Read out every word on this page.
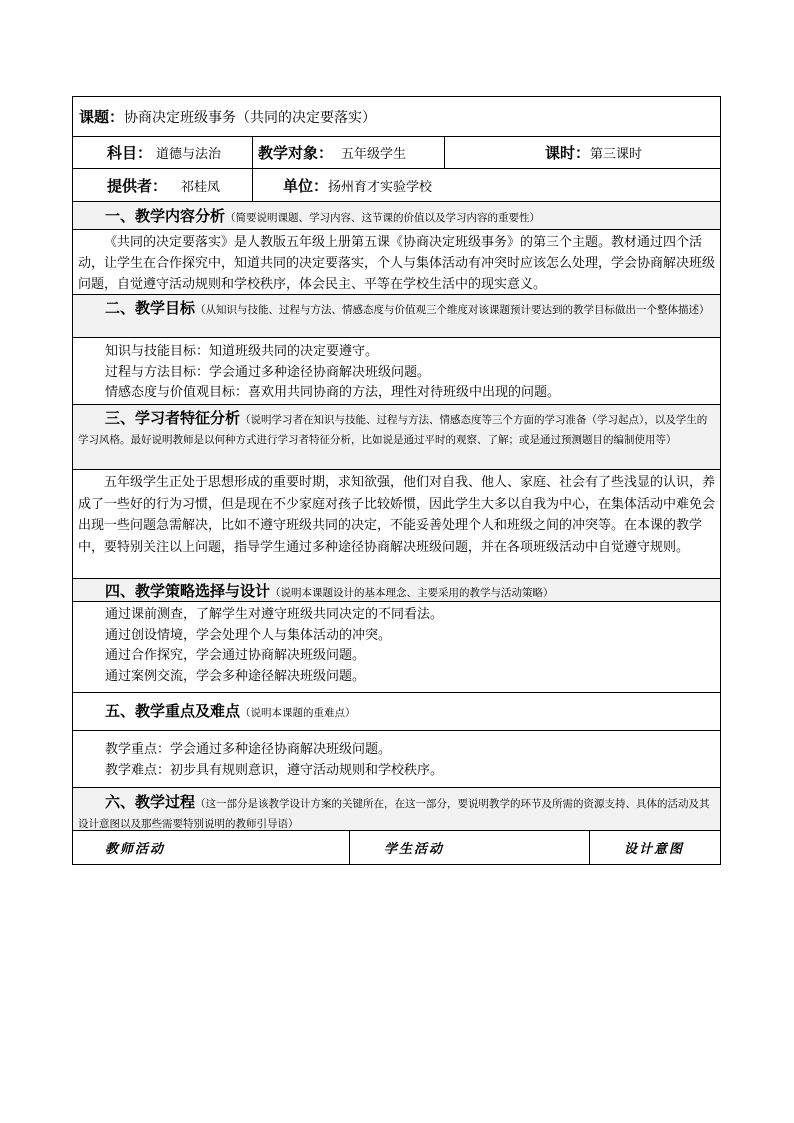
课题： 协商决定班级事务（共同的决定要落实）
科目： 道德与法治 教学对象： 五年级学生	课时： 第三课时
提供者： 祁桂凤	单位： 扬州育才实验学校
一、教学内容分析（简要说明课题、学习内容、这节课的价值以及学习内容的重要性）
《共同的决定要落实》是人教版五年级上册第五课《协商决定班级事务》的第三个主题。教材通过四个活动，让学生在合作探究中，知道共同的决定要落实，个人与集体活动有冲突时应该怎么处理，学会协商解决班级问题，自觉遵守活动规则和学校秩序，体会民主、平等在学校生活中的现实意义。
二、教学目标（从知识与技能、过程与方法、情感态度与价值观三个维度对该课题预计要达到的教学目标做出一个整体描述）
知识与技能目标：知道班级共同的决定要遵守。
过程与方法目标：学会通过多种途径协商解决班级问题。
情感态度与价值观目标：喜欢用共同协商的方法，理性对待班级中出现的问题。
三、学习者特征分析（说明学习者在知识与技能、过程与方法、情感态度等三个方面的学习准备（学习起点），以及学生的学习风格。最好说明教师是以何种方式进行学习者特征分析，比如说是通过平时的观察、了解；或是通过预测题目的编制使用等）
五年级学生正处于思想形成的重要时期，求知欲强，他们对自我、他人、家庭、社会有了些浅显的认识，养成了一些好的行为习惯，但是现在不少家庭对孩子比较娇惯，因此学生大多以自我为中心，在集体活动中难免会出现一些问题急需解决，比如不遵守班级共同的决定，不能妥善处理个人和班级之间的冲突等。在本课的教学中，要特别关注以上问题，指导学生通过多种途径协商解决班级问题，并在各项班级活动中自觉遵守规则。
四、教学策略选择与设计（说明本课题设计的基本理念、主要采用的教学与活动策略）
通过课前测查，了解学生对遵守班级共同决定的不同看法。
通过创设情境，学会处理个人与集体活动的冲突。
通过合作探究，学会通过协商解决班级问题。
通过案例交流，学会多种途径解决班级问题。
五、教学重点及难点（说明本课题的重难点）
教学重点：学会通过多种途径协商解决班级问题。
教学难点：初步具有规则意识，遵守活动规则和学校秩序。
六、教学过程（这一部分是该教学设计方案的关键所在，在这一部分，要说明教学的环节及所需的资源支持、具体的活动及其设计意图以及那些需要特别说明的教师引导语）
教师活动	学生活动	设计意图
